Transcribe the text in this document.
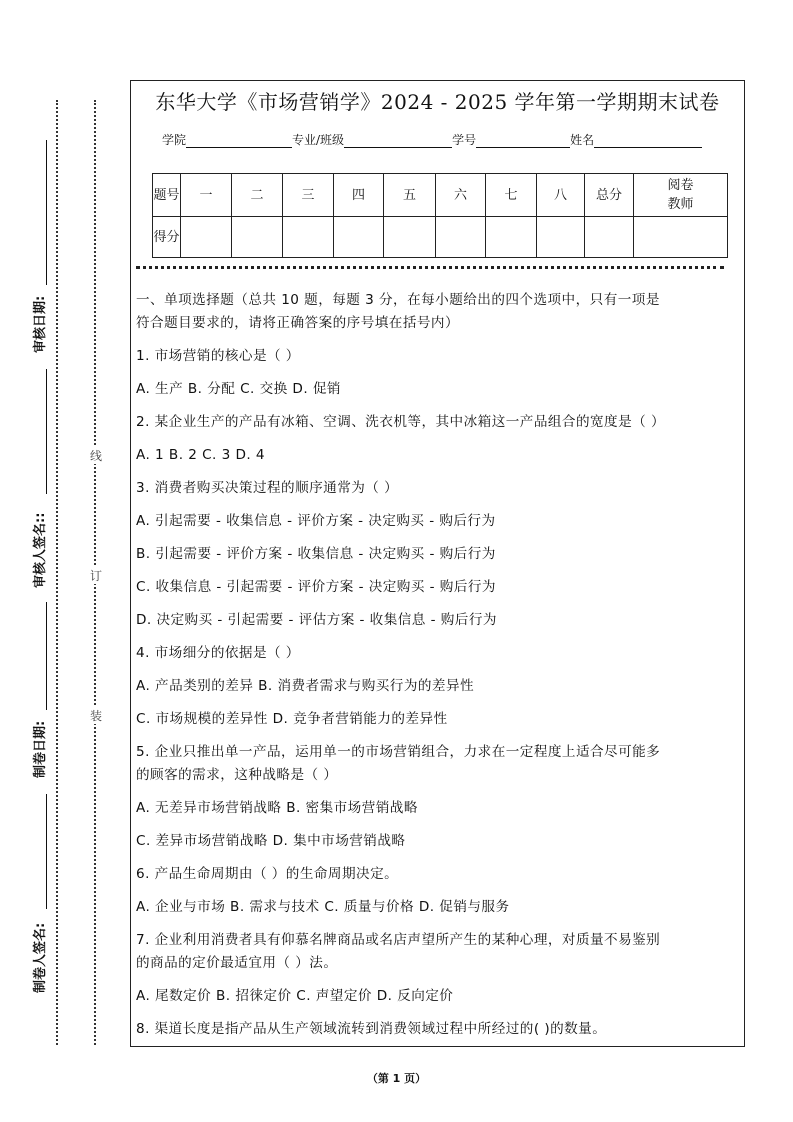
线
订
装
制卷人签名:
制卷日期:
审核人签名::
审核日期:
东华大学《市场营销学》2024 - 2025 学年第一学期期末试卷
学院	专业/班级	学号	姓名
题号	一	二	三	四	五	六	七	八	总分	阅卷教师
得分										
一、单项选择题（总共 10 题，每题 3 分，在每小题给出的四个选项中，只有一项是
符合题目要求的，请将正确答案的序号填在括号内）
1. 市场营销的核心是（ ）
A. 生产 B. 分配 C. 交换 D. 促销
2. 某企业生产的产品有冰箱、空调、洗衣机等，其中冰箱这一产品组合的宽度是（ ）
A. 1 B. 2 C. 3 D. 4
3. 消费者购买决策过程的顺序通常为（ ）
A. 引起需要 - 收集信息 - 评价方案 - 决定购买 - 购后行为
B. 引起需要 - 评价方案 - 收集信息 - 决定购买 - 购后行为
C. 收集信息 - 引起需要 - 评价方案 - 决定购买 - 购后行为
D. 决定购买 - 引起需要 - 评估方案 - 收集信息 - 购后行为
4. 市场细分的依据是（ ）
A. 产品类别的差异 B. 消费者需求与购买行为的差异性
C. 市场规模的差异性 D. 竞争者营销能力的差异性
5. 企业只推出单一产品，运用单一的市场营销组合，力求在一定程度上适合尽可能多
的顾客的需求，这种战略是（ ）
A. 无差异市场营销战略 B. 密集市场营销战略
C. 差异市场营销战略 D. 集中市场营销战略
6. 产品生命周期由（ ）的生命周期决定。
A. 企业与市场 B. 需求与技术 C. 质量与价格 D. 促销与服务
7. 企业利用消费者具有仰慕名牌商品或名店声望所产生的某种心理，对质量不易鉴别
的商品的定价最适宜用（ ）法。
A. 尾数定价 B. 招徕定价 C. 声望定价 D. 反向定价
8. 渠道长度是指产品从生产领域流转到消费领域过程中所经过的( )的数量。
（第 1 页）
